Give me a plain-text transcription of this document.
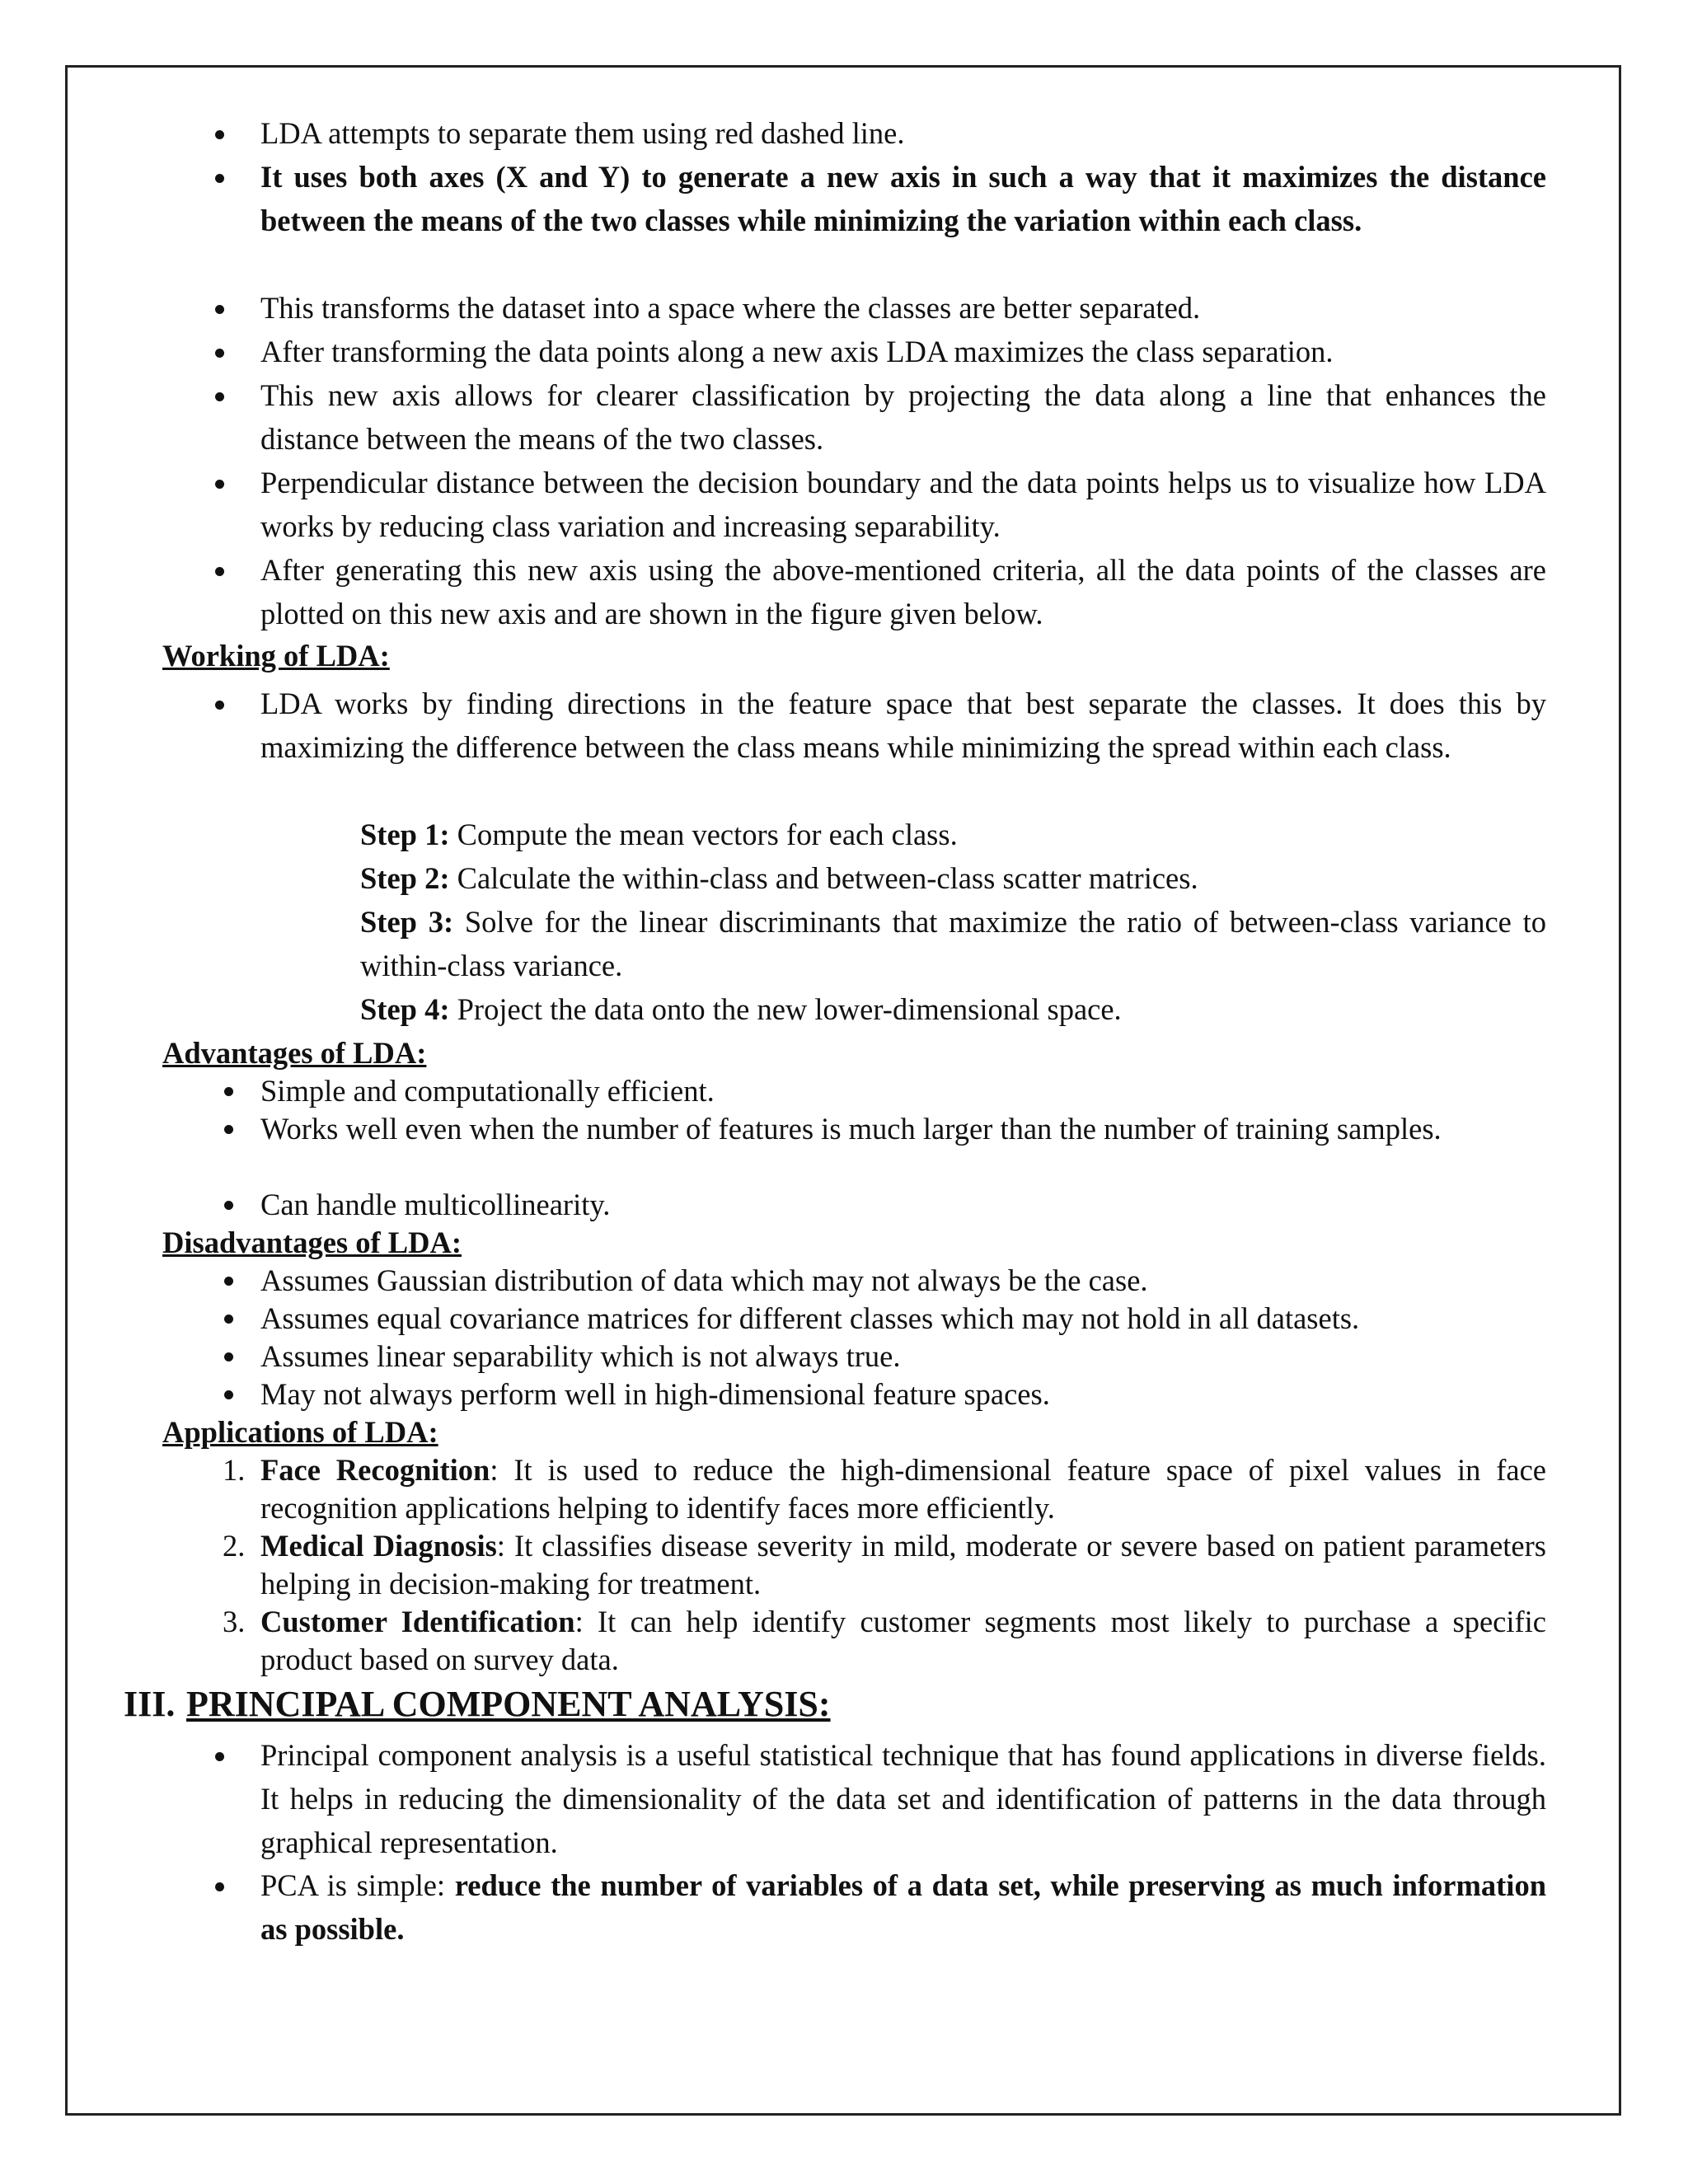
LDA attempts to separate them using red dashed line.

It uses both axes (X and Y) to generate a new axis in such a way that it maximizes the distance between the means of the two classes while minimizing the variation within each class.

This transforms the dataset into a space where the classes are better separated.

After transforming the data points along a new axis LDA maximizes the class separation.

This new axis allows for clearer classification by projecting the data along a line that enhances the distance between the means of the two classes.

Perpendicular distance between the decision boundary and the data points helps us to visualize how LDA works by reducing class variation and increasing separability.

After generating this new axis using the above-mentioned criteria, all the data points of the classes are plotted on this new axis and are shown in the figure given below.

Working of LDA:

LDA works by finding directions in the feature space that best separate the classes. It does this by maximizing the difference between the class means while minimizing the spread within each class.

Step 1: Compute the mean vectors for each class.

Step 2: Calculate the within-class and between-class scatter matrices.

Step 3: Solve for the linear discriminants that maximize the ratio of between-class variance to within-class variance.

Step 4: Project the data onto the new lower-dimensional space.

Advantages of LDA:

Simple and computationally efficient.

Works well even when the number of features is much larger than the number of training samples.

Can handle multicollinearity.

Disadvantages of LDA:

Assumes Gaussian distribution of data which may not always be the case.

Assumes equal covariance matrices for different classes which may not hold in all datasets.

Assumes linear separability which is not always true.

May not always perform well in high-dimensional feature spaces.

Applications of LDA:
1. Face Recognition: It is used to reduce the high-dimensional feature space of pixel values in face recognition applications helping to identify faces more efficiently.

2. Medical Diagnosis: It classifies disease severity in mild, moderate or severe based on patient parameters helping in decision-making for treatment.

3. Customer Identification: It can help identify customer segments most likely to purchase a specific product based on survey data.

III. PRINCIPAL COMPONENT ANALYSIS:

Principal component analysis is a useful statistical technique that has found applications in diverse fields. It helps in reducing the dimensionality of the data set and identification of patterns in the data through graphical representation.

PCA is simple: reduce the number of variables of a data set, while preserving as much information as possible.
